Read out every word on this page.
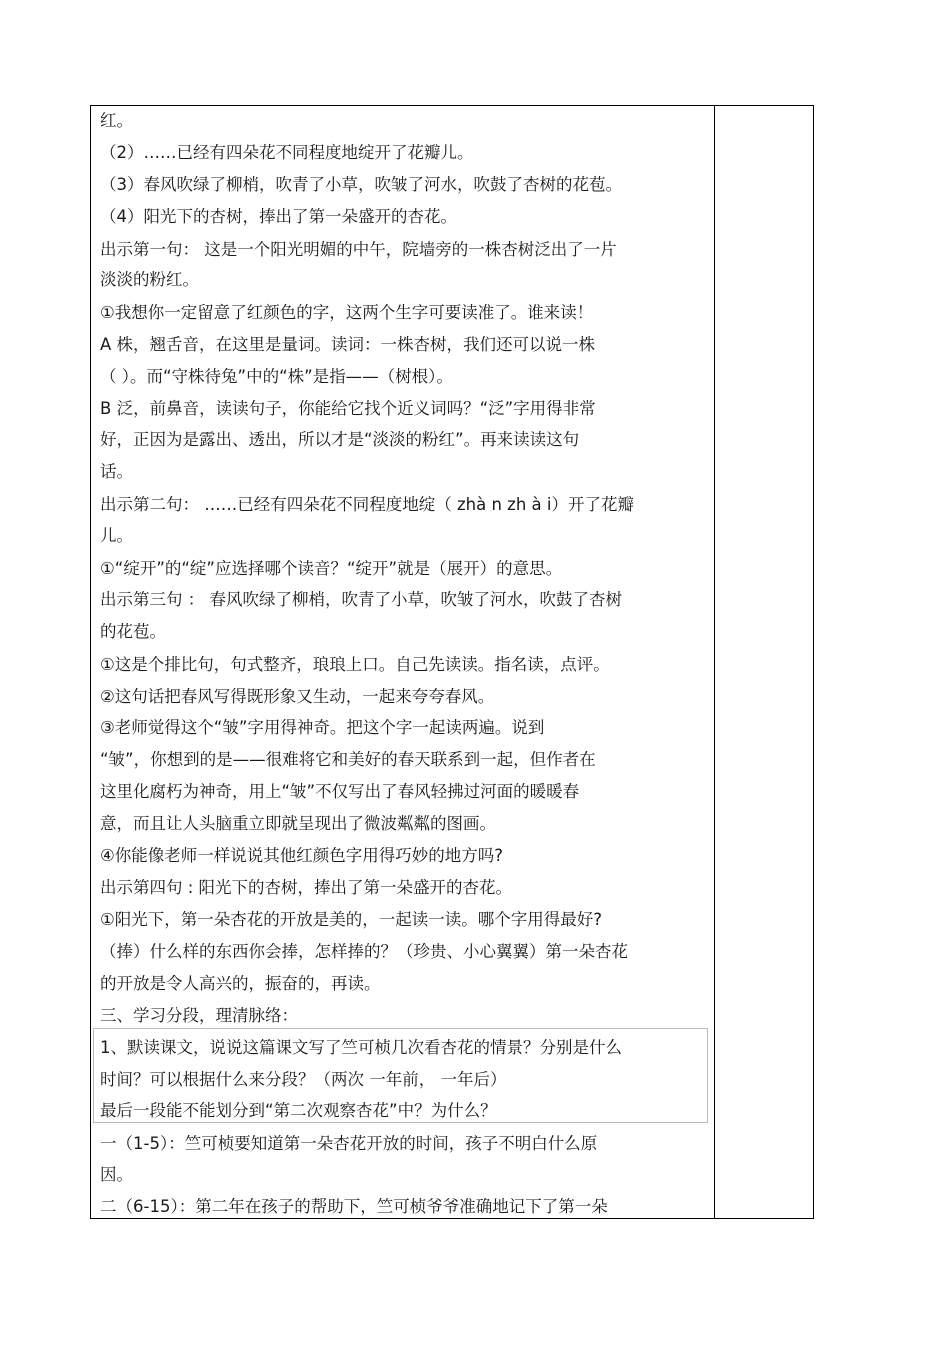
红。
（2）……已经有四朵花不同程度地绽开了花瓣儿。
（3）春风吹绿了柳梢，吹青了小草，吹皱了河水，吹鼓了杏树的花苞。
（4）阳光下的杏树，捧出了第一朵盛开的杏花。
出示第一句： 这是一个阳光明媚的中午，院墙旁的一株杏树泛出了一片
淡淡的粉红。
①我想你一定留意了红颜色的字，这两个生字可要读准了。谁来读！
A 株，翘舌音，在这里是量词。读词：一株杏树，我们还可以说一株
（ ）。而“守株待兔”中的“株”是指——（树根）。
B 泛，前鼻音，读读句子，你能给它找个近义词吗？“泛”字用得非常
好，正因为是露出、透出，所以才是“淡淡的粉红”。再来读读这句
话。
出示第二句： ……已经有四朵花不同程度地绽（ zhà n zh à i）开了花瓣
儿。
①“绽开”的“绽”应选择哪个读音？“绽开”就是（展开）的意思。
出示第三句 ： 春风吹绿了柳梢，吹青了小草，吹皱了河水，吹鼓了杏树
的花苞。
①这是个排比句，句式整齐，琅琅上口。自己先读读。指名读，点评。
②这句话把春风写得既形象又生动，一起来夸夸春风。
③老师觉得这个“皱”字用得神奇。把这个字一起读两遍。说到
“皱”，你想到的是——很难将它和美好的春天联系到一起，但作者在
这里化腐朽为神奇，用上“皱”不仅写出了春风轻拂过河面的暖暖春
意，而且让人头脑重立即就呈现出了微波粼粼的图画。
④你能像老师一样说说其他红颜色字用得巧妙的地方吗?
出示第四句 : 阳光下的杏树，捧出了第一朵盛开的杏花。
①阳光下，第一朵杏花的开放是美的，一起读一读。哪个字用得最好?
（捧）什么样的东西你会捧，怎样捧的？（珍贵、小心翼翼）第一朵杏花
的开放是令人高兴的，振奋的，再读。
三、学习分段，理清脉络：
1、默读课文，说说这篇课文写了竺可桢几次看杏花的情景？分别是什么
时间？可以根据什么来分段？（两次 一年前， 一年后）
最后一段能不能划分到“第二次观察杏花”中？为什么？
一（1-5）：竺可桢要知道第一朵杏花开放的时间，孩子不明白什么原
因。
二（6-15）：第二年在孩子的帮助下，竺可桢爷爷准确地记下了第一朵
